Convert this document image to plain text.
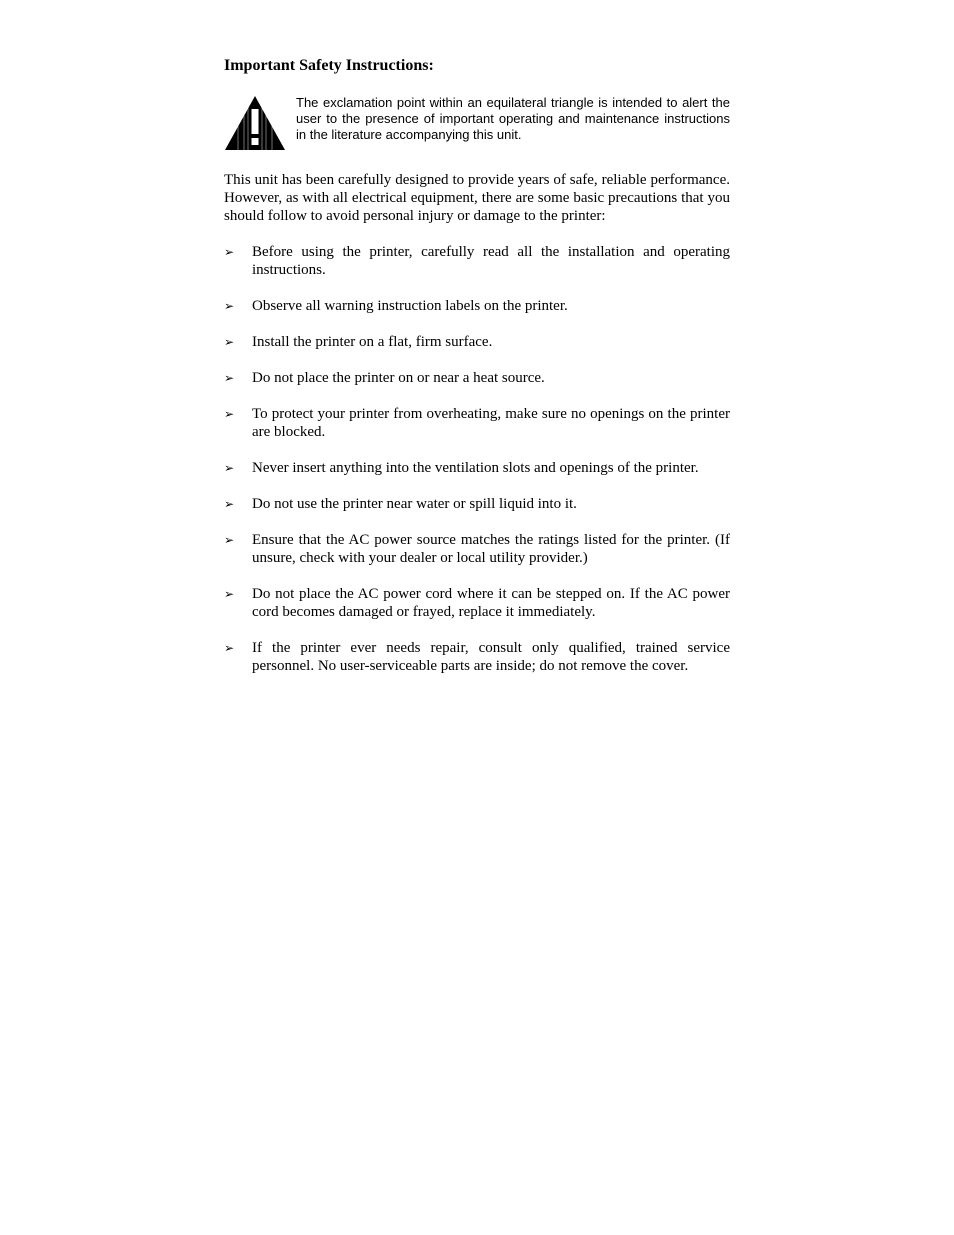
Important Safety Instructions:

The exclamation point within an equilateral triangle is intended to alert the user to the presence of important operating and maintenance instructions in the literature accompanying this unit.

This unit has been carefully designed to provide years of safe, reliable performance. However, as with all electrical equipment, there are some basic precautions that you should follow to avoid personal injury or damage to the printer:

➢ Before using the printer, carefully read all the installation and operating instructions.
➢ Observe all warning instruction labels on the printer.
➢ Install the printer on a flat, firm surface.
➢ Do not place the printer on or near a heat source.
➢ To protect your printer from overheating, make sure no openings on the printer are blocked.
➢ Never insert anything into the ventilation slots and openings of the printer.
➢ Do not use the printer near water or spill liquid into it.
➢ Ensure that the AC power source matches the ratings listed for the printer. (If unsure, check with your dealer or local utility provider.)
➢ Do not place the AC power cord where it can be stepped on. If the AC power cord becomes damaged or frayed, replace it immediately.
➢ If the printer ever needs repair, consult only qualified, trained service personnel. No user-serviceable parts are inside; do not remove the cover.
